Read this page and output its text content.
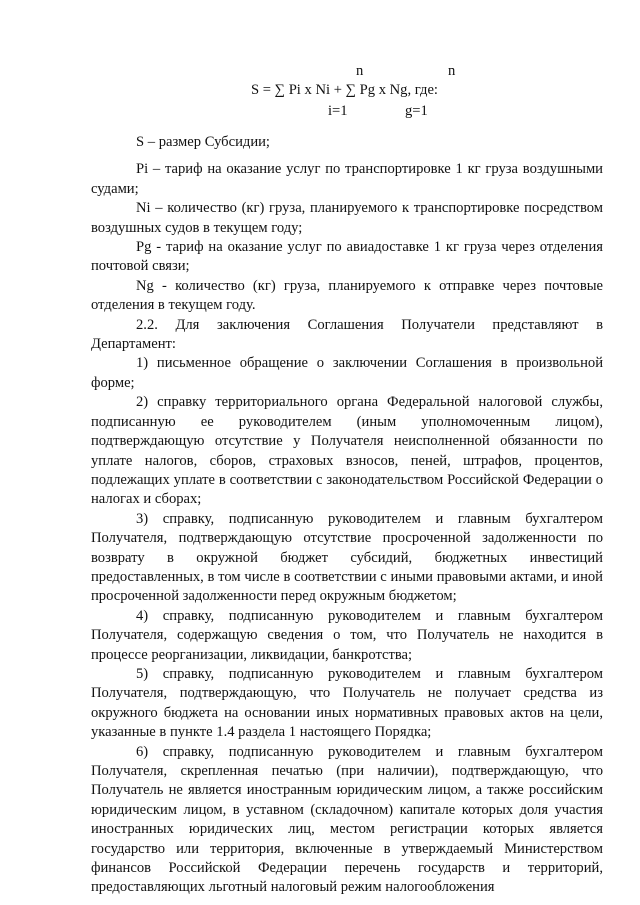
n	n
S = ∑ Pi x Ni + ∑ Pg x Ng, где:
i=1	g=1

S – размер Субсидии;

Pi – тариф на оказание услуг по транспортировке 1 кг груза воздушными судами;

Ni – количество (кг) груза, планируемого к транспортировке посредством воздушных судов в текущем году;

Pg - тариф на оказание услуг по авиадоставке 1 кг груза через отделения почтовой связи;

Ng - количество (кг) груза, планируемого к отправке через почтовые отделения в текущем году.

2.2. Для заключения Соглашения Получатели представляют в Департамент:

1) письменное обращение о заключении Соглашения в произвольной форме;

2) справку территориального органа Федеральной налоговой службы, подписанную ее руководителем (иным уполномоченным лицом), подтверждающую отсутствие у Получателя неисполненной обязанности по уплате налогов, сборов, страховых взносов, пеней, штрафов, процентов, подлежащих уплате в соответствии с законодательством Российской Федерации о налогах и сборах;

3) справку, подписанную руководителем и главным бухгалтером Получателя, подтверждающую отсутствие просроченной задолженности по возврату в окружной бюджет субсидий, бюджетных инвестиций предоставленных, в том числе в соответствии с иными правовыми актами, и иной просроченной задолженности перед окружным бюджетом;

4) справку, подписанную руководителем и главным бухгалтером Получателя, содержащую сведения о том, что Получатель не находится в процессе реорганизации, ликвидации, банкротства;

5) справку, подписанную руководителем и главным бухгалтером Получателя, подтверждающую, что Получатель не получает средства из окружного бюджета на основании иных нормативных правовых актов на цели, указанные в пункте 1.4 раздела 1 настоящего Порядка;

6) справку, подписанную руководителем и главным бухгалтером Получателя, скрепленная печатью (при наличии), подтверждающую, что Получатель не является иностранным юридическим лицом, а также российским юридическим лицом, в уставном (складочном) капитале которых доля участия иностранных юридических лиц, местом регистрации которых является государство или территория, включенные в утверждаемый Министерством финансов Российской Федерации перечень государств и территорий, предоставляющих льготный налоговый режим налогообложения
